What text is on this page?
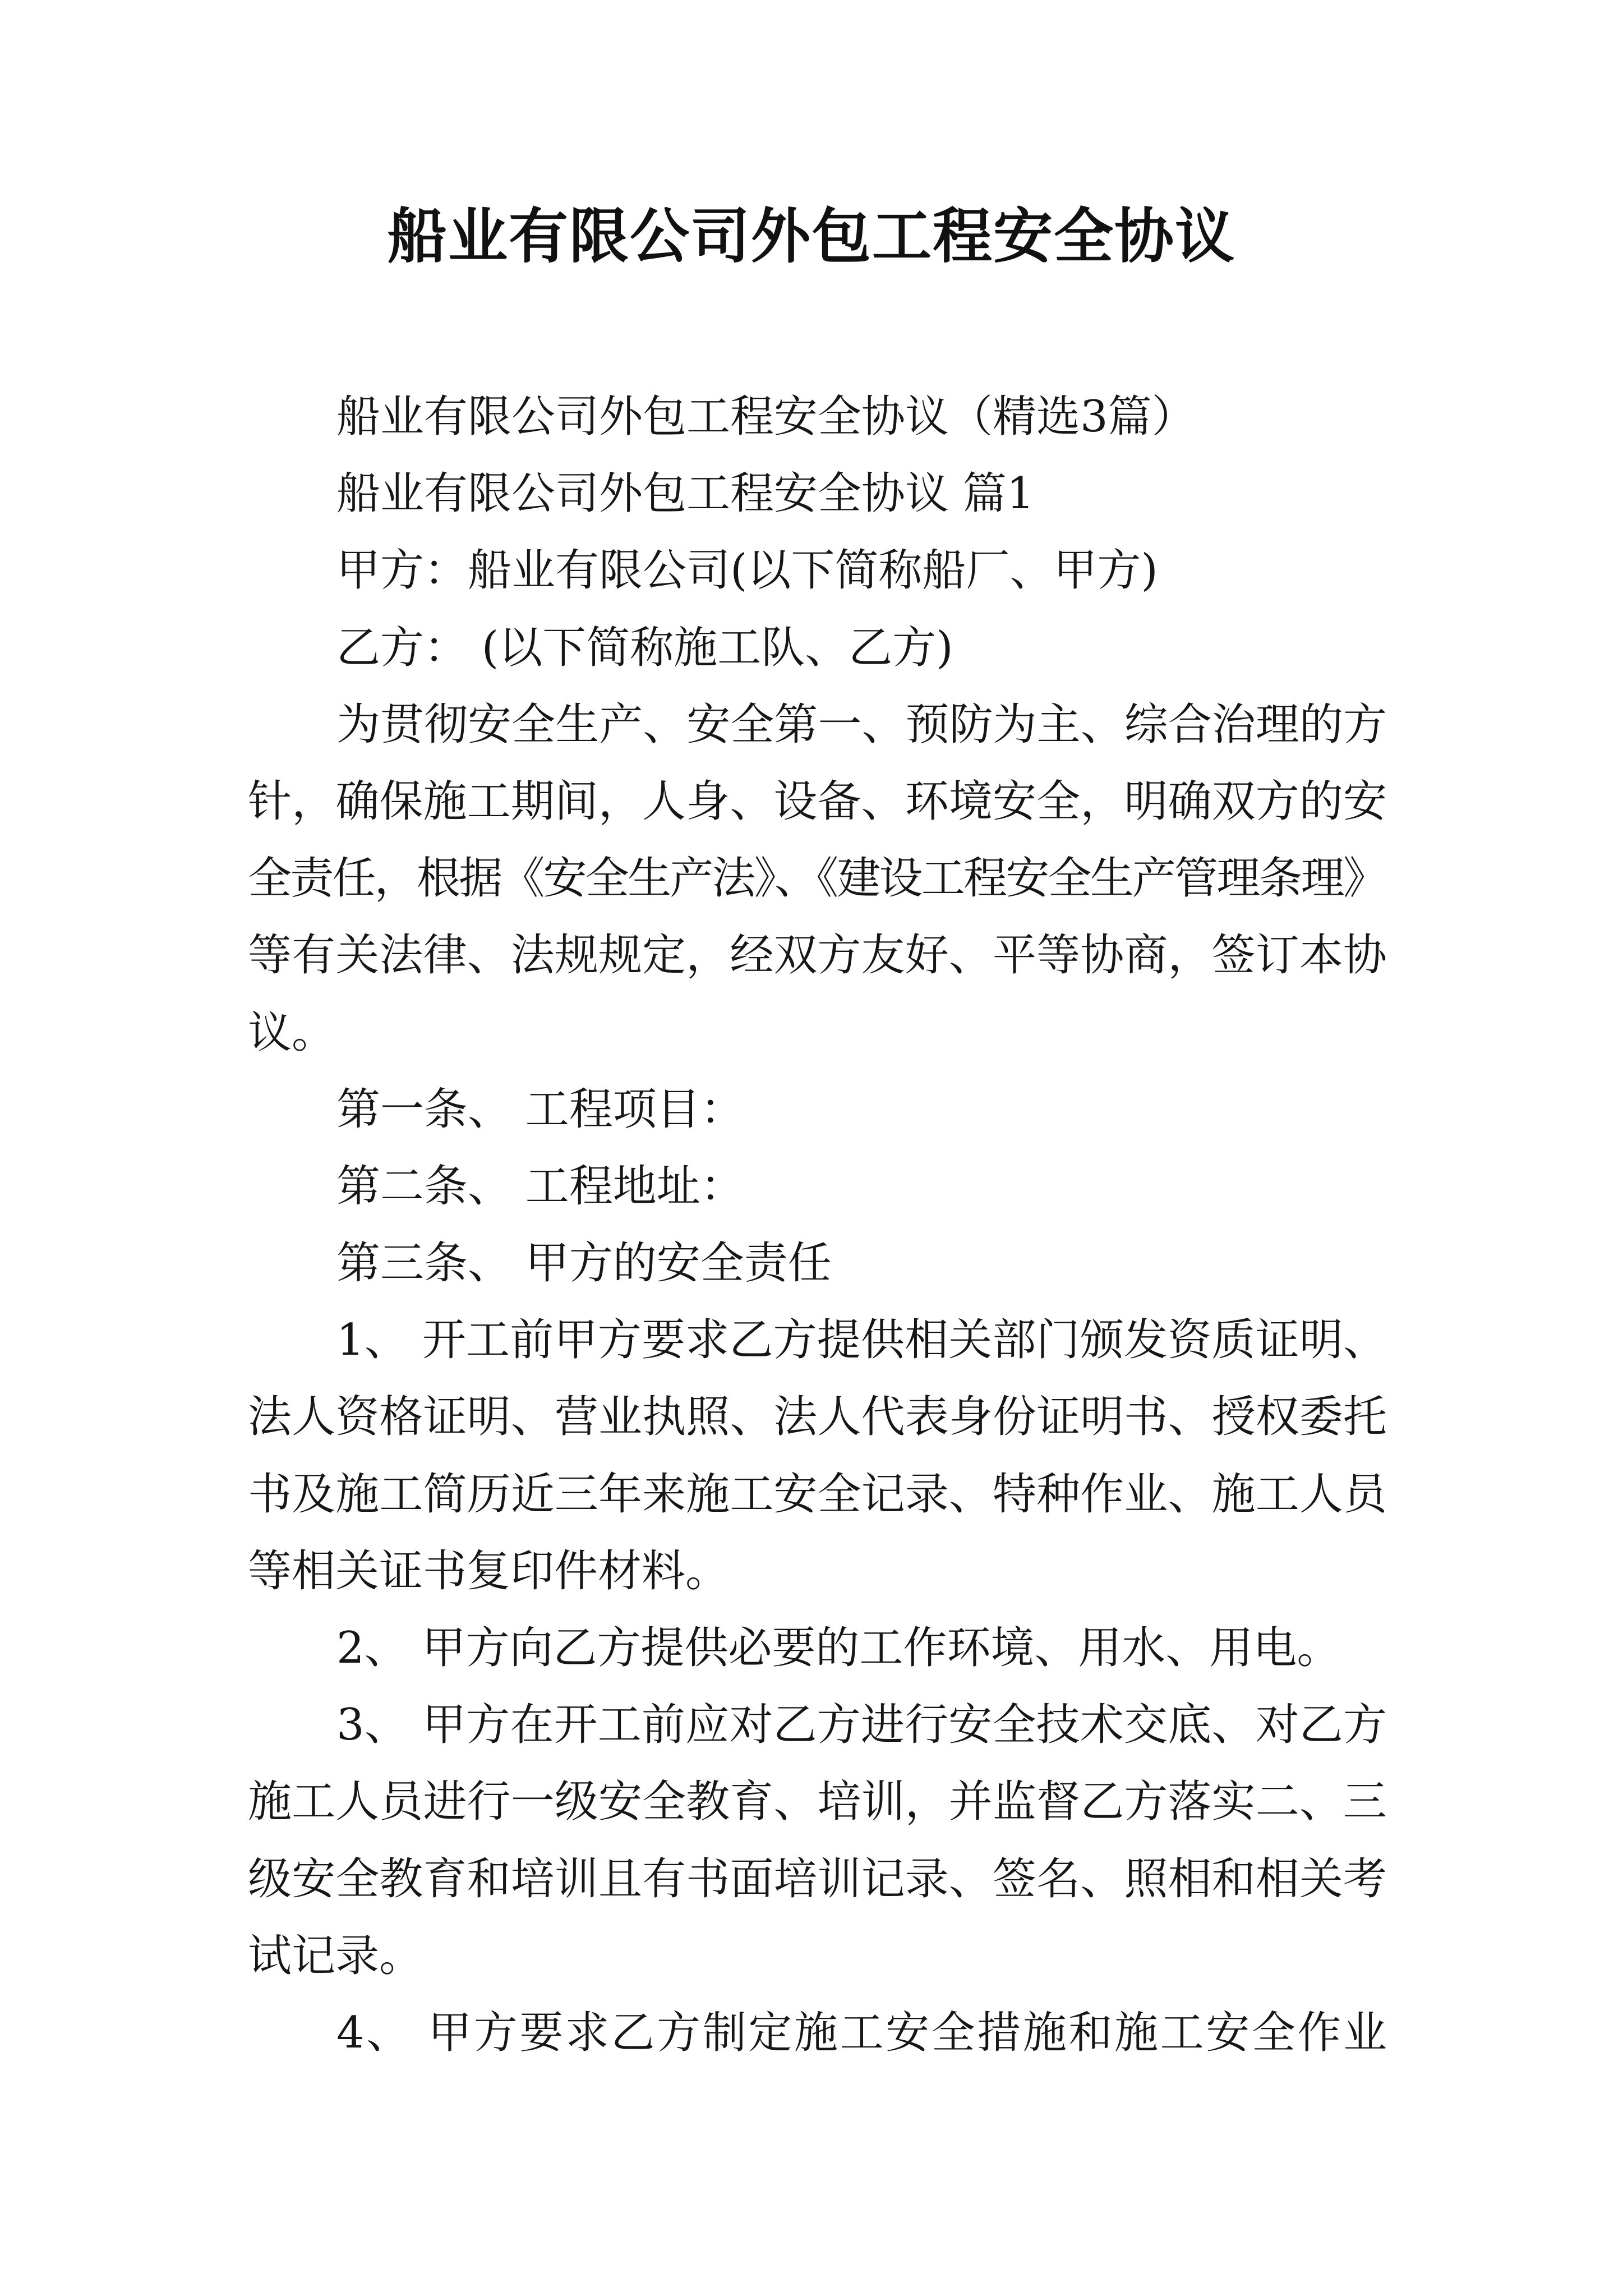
船业有限公司外包工程安全协议
船业有限公司外包工程安全协议（精选3篇）
船业有限公司外包工程安全协议 篇1
甲方：船业有限公司(以下简称船厂、甲方)
乙方： (以下简称施工队、乙方)
为贯彻安全生产、安全第一、预防为主、综合治理的方
针，确保施工期间，人身、设备、环境安全，明确双方的安
全责任，根据《安全生产法》、《建设工程安全生产管理条理》
等有关法律、法规规定，经双方友好、平等协商，签订本协
议。
第一条、 工程项目：
第二条、 工程地址：
第三条、 甲方的安全责任
1、 开工前甲方要求乙方提供相关部门颁发资质证明、
法人资格证明、营业执照、法人代表身份证明书、授权委托
书及施工简历近三年来施工安全记录、特种作业、施工人员
等相关证书复印件材料。
2、 甲方向乙方提供必要的工作环境、用水、用电。
3、 甲方在开工前应对乙方进行安全技术交底、对乙方
施工人员进行一级安全教育、培训，并监督乙方落实二、三
级安全教育和培训且有书面培训记录、签名、照相和相关考
试记录。
4、 甲方要求乙方制定施工安全措施和施工安全作业
